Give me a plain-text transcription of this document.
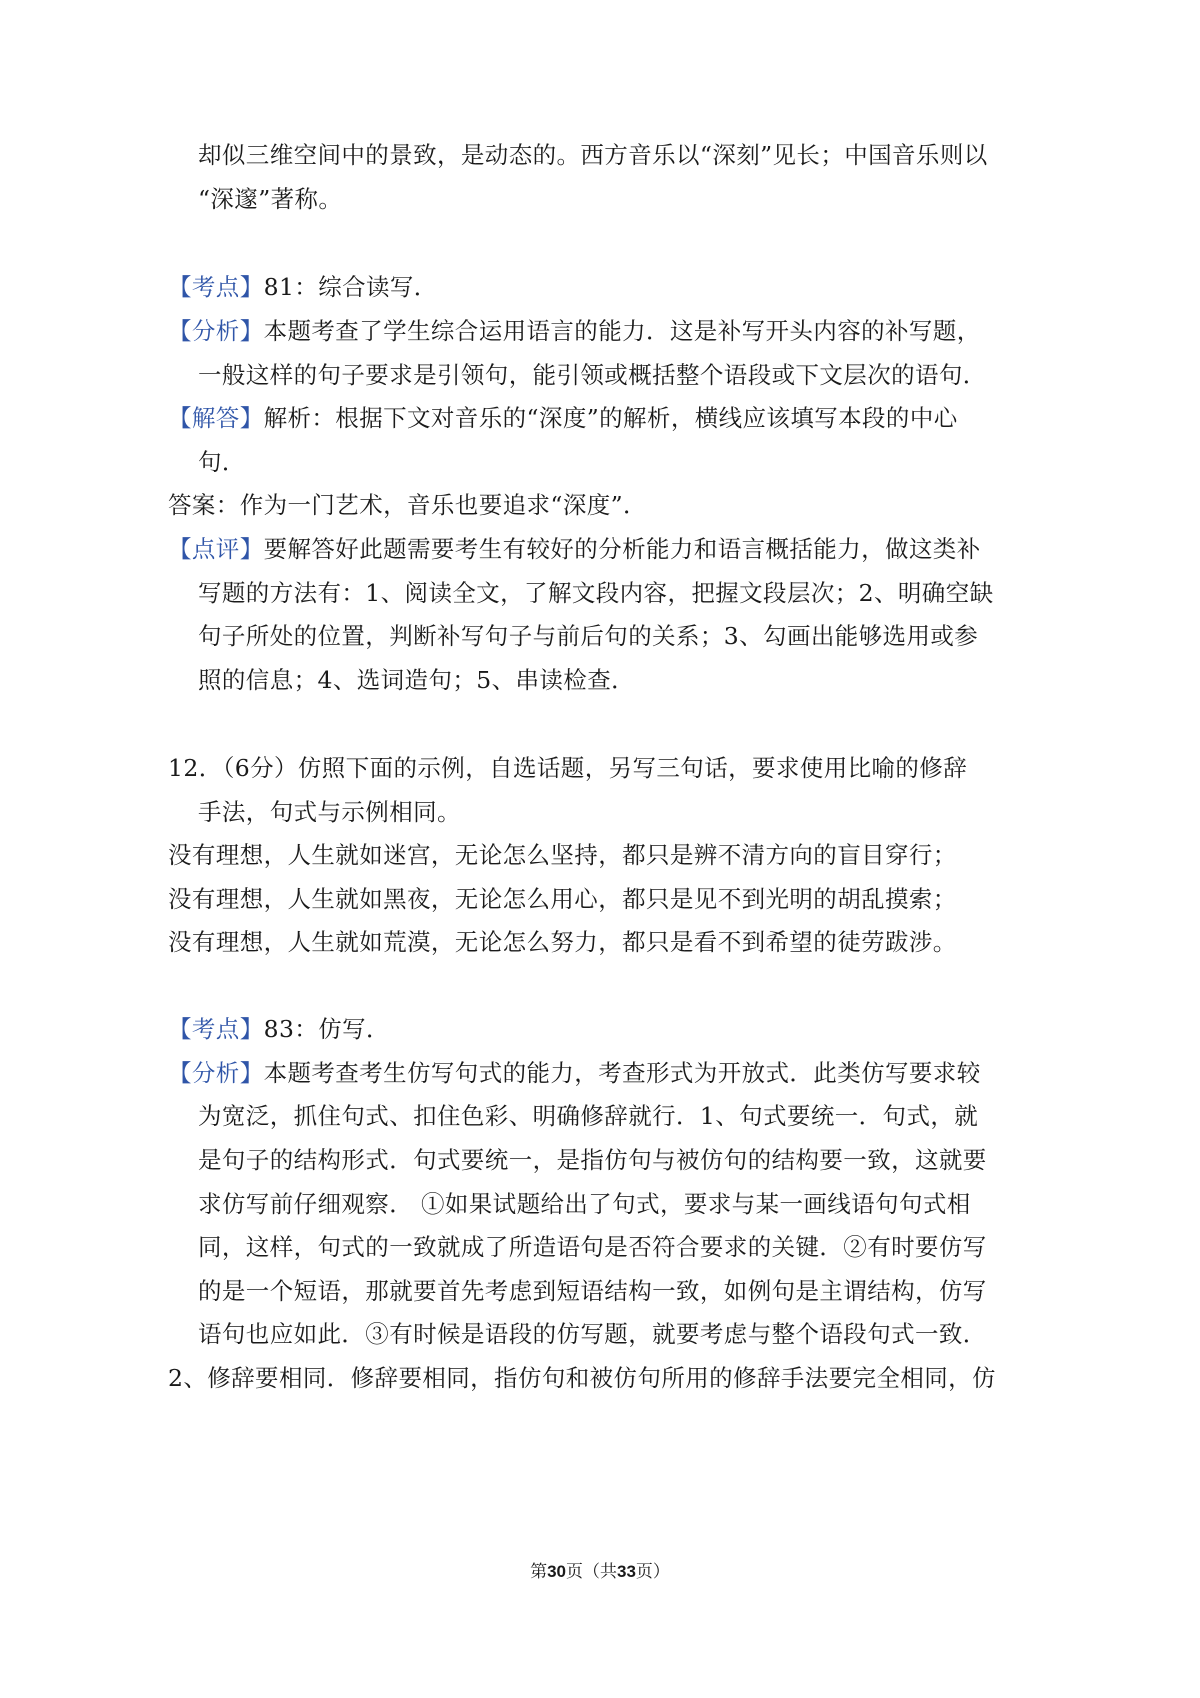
却似三维空间中的景致，是动态的。西方音乐以“深刻”见长；中国音乐则以
“深邃”著称。
【考点】81：综合读写．
【分析】本题考查了学生综合运用语言的能力．这是补写开头内容的补写题，
一般这样的句子要求是引领句，能引领或概括整个语段或下文层次的语句．
【解答】解析：根据下文对音乐的“深度”的解析，横线应该填写本段的中心
句．
答案：作为一门艺术，音乐也要追求“深度”．
【点评】要解答好此题需要考生有较好的分析能力和语言概括能力，做这类补
写题的方法有：1、阅读全文，了解文段内容，把握文段层次；2、明确空缺
句子所处的位置，判断补写句子与前后句的关系；3、勾画出能够选用或参
照的信息；4、选词造句；5、串读检查．
12．（6分）仿照下面的示例，自选话题，另写三句话，要求使用比喻的修辞
手法，句式与示例相同。
没有理想，人生就如迷宫，无论怎么坚持，都只是辨不清方向的盲目穿行；
没有理想，人生就如黑夜，无论怎么用心，都只是见不到光明的胡乱摸索；
没有理想，人生就如荒漠，无论怎么努力，都只是看不到希望的徒劳跋涉。
【考点】83：仿写．
【分析】本题考查考生仿写句式的能力，考查形式为开放式．此类仿写要求较
为宽泛，抓住句式、扣住色彩、明确修辞就行．1、句式要统一．句式，就
是句子的结构形式．句式要统一，是指仿句与被仿句的结构要一致，这就要
求仿写前仔细观察． ①如果试题给出了句式，要求与某一画线语句句式相
同，这样，句式的一致就成了所造语句是否符合要求的关键．②有时要仿写
的是一个短语，那就要首先考虑到短语结构一致，如例句是主谓结构，仿写
语句也应如此．③有时候是语段的仿写题，就要考虑与整个语段句式一致．
2、修辞要相同．修辞要相同，指仿句和被仿句所用的修辞手法要完全相同，仿
第30页（共33页）
